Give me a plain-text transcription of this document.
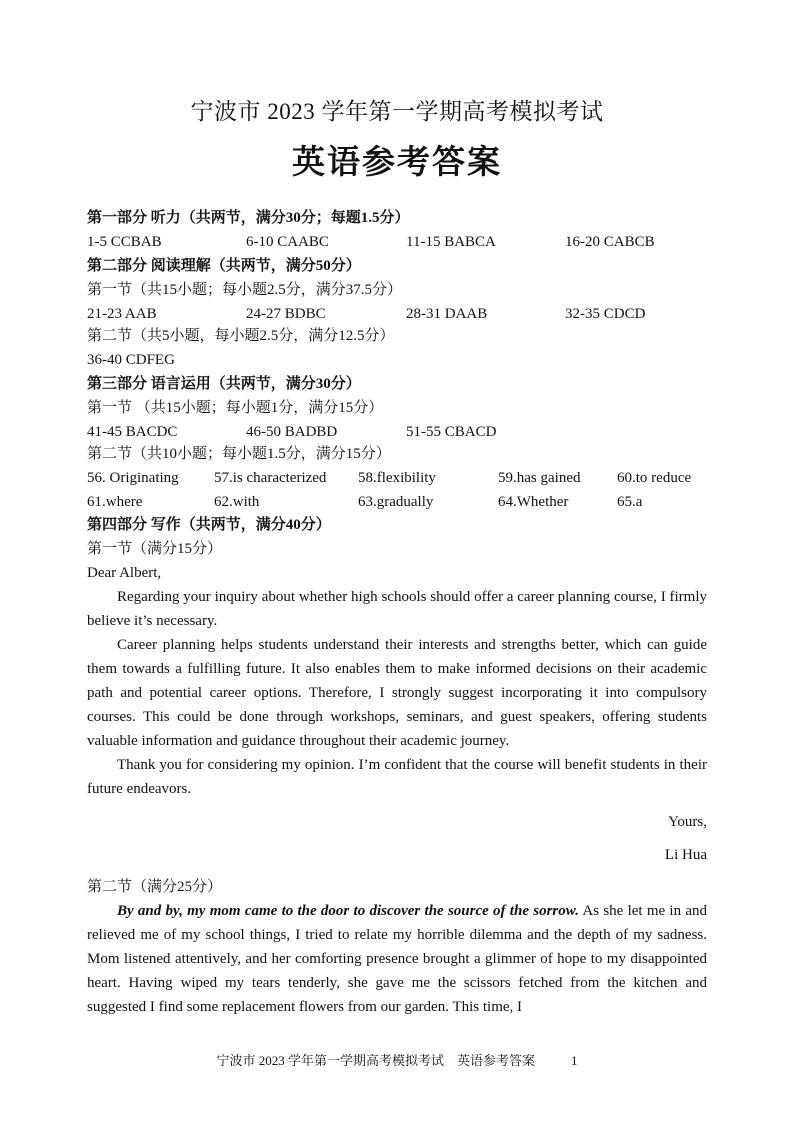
宁波市 2023 学年第一学期高考模拟考试
英语参考答案
第一部分 听力（共两节，满分30分；每题1.5分）
1-5 CCBAB	6-10 CAABC	11-15 BABCA	16-20 CABCB
第二部分 阅读理解（共两节，满分50分）
第一节（共15小题；每小题2.5分，满分37.5分）
21-23 AAB	24-27 BDBC	28-31 DAAB	32-35 CDCD
第二节（共5小题，每小题2.5分，满分12.5分）
36-40 CDFEG
第三部分 语言运用（共两节，满分30分）
第一节 （共15小题；每小题1分，满分15分）
41-45 BACDC	46-50 BADBD	51-55 CBACD
第二节（共10小题；每小题1.5分，满分15分）
56. Originating 57.is characterized 58.flexibility	59.has gained 60.to reduce
61.where	62.with	63.gradually	64.Whether	65.a
第四部分 写作（共两节，满分40分）
第一节（满分15分）
Dear Albert,
Regarding your inquiry about whether high schools should offer a career planning course, I firmly believe it’s necessary.
Career planning helps students understand their interests and strengths better, which can guide them towards a fulfilling future. It also enables them to make informed decisions on their academic path and potential career options. Therefore, I strongly suggest incorporating it into compulsory courses. This could be done through workshops, seminars, and guest speakers, offering students valuable information and guidance throughout their academic journey.
Thank you for considering my opinion. I’m confident that the course will benefit students in their future endeavors.
Yours,
Li Hua
第二节（满分25分）
By and by, my mom came to the door to discover the source of the sorrow. As she let me in and relieved me of my school things, I tried to relate my horrible dilemma and the depth of my sadness. Mom listened attentively, and her comforting presence brought a glimmer of hope to my disappointed heart. Having wiped my tears tenderly, she gave me the scissors fetched from the kitchen and suggested I find some replacement flowers from our garden. This time, I
宁波市 2023 学年第一学期高考模拟考试　英语参考答案	1
